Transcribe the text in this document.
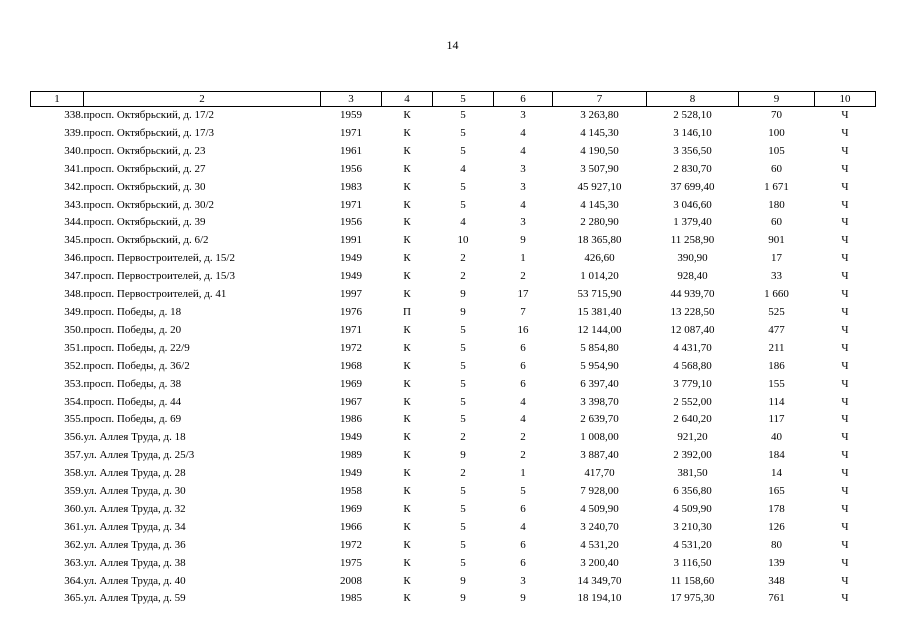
14
1	2	3	4	5	6	7	8	9	10
338.	просп. Октябрьский, д. 17/2	1959	К	5	3	3 263,80	2 528,10	70	Ч
339.	просп. Октябрьский, д. 17/3	1971	К	5	4	4 145,30	3 146,10	100	Ч
340.	просп. Октябрьский, д. 23	1961	К	5	4	4 190,50	3 356,50	105	Ч
341.	просп. Октябрьский, д. 27	1956	К	4	3	3 507,90	2 830,70	60	Ч
342.	просп. Октябрьский, д. 30	1983	К	5	3	45 927,10	37 699,40	1 671	Ч
343.	просп. Октябрьский, д. 30/2	1971	К	5	4	4 145,30	3 046,60	180	Ч
344.	просп. Октябрьский, д. 39	1956	К	4	3	2 280,90	1 379,40	60	Ч
345.	просп. Октябрьский, д. 6/2	1991	К	10	9	18 365,80	11 258,90	901	Ч
346.	просп. Первостроителей, д. 15/2	1949	К	2	1	426,60	390,90	17	Ч
347.	просп. Первостроителей, д. 15/3	1949	К	2	2	1 014,20	928,40	33	Ч
348.	просп. Первостроителей, д. 41	1997	К	9	17	53 715,90	44 939,70	1 660	Ч
349.	просп. Победы, д. 18	1976	П	9	7	15 381,40	13 228,50	525	Ч
350.	просп. Победы, д. 20	1971	К	5	16	12 144,00	12 087,40	477	Ч
351.	просп. Победы, д. 22/9	1972	К	5	6	5 854,80	4 431,70	211	Ч
352.	просп. Победы, д. 36/2	1968	К	5	6	5 954,90	4 568,80	186	Ч
353.	просп. Победы, д. 38	1969	К	5	6	6 397,40	3 779,10	155	Ч
354.	просп. Победы, д. 44	1967	К	5	4	3 398,70	2 552,00	114	Ч
355.	просп. Победы, д. 69	1986	К	5	4	2 639,70	2 640,20	117	Ч
356.	ул. Аллея Труда, д. 18	1949	К	2	2	1 008,00	921,20	40	Ч
357.	ул. Аллея Труда, д. 25/3	1989	К	9	2	3 887,40	2 392,00	184	Ч
358.	ул. Аллея Труда, д. 28	1949	К	2	1	417,70	381,50	14	Ч
359.	ул. Аллея Труда, д. 30	1958	К	5	5	7 928,00	6 356,80	165	Ч
360.	ул. Аллея Труда, д. 32	1969	К	5	6	4 509,90	4 509,90	178	Ч
361.	ул. Аллея Труда, д. 34	1966	К	5	4	3 240,70	3 210,30	126	Ч
362.	ул. Аллея Труда, д. 36	1972	К	5	6	4 531,20	4 531,20	80	Ч
363.	ул. Аллея Труда, д. 38	1975	К	5	6	3 200,40	3 116,50	139	Ч
364.	ул. Аллея Труда, д. 40	2008	К	9	3	14 349,70	11 158,60	348	Ч
365.	ул. Аллея Труда, д. 59	1985	К	9	9	18 194,10	17 975,30	761	Ч
